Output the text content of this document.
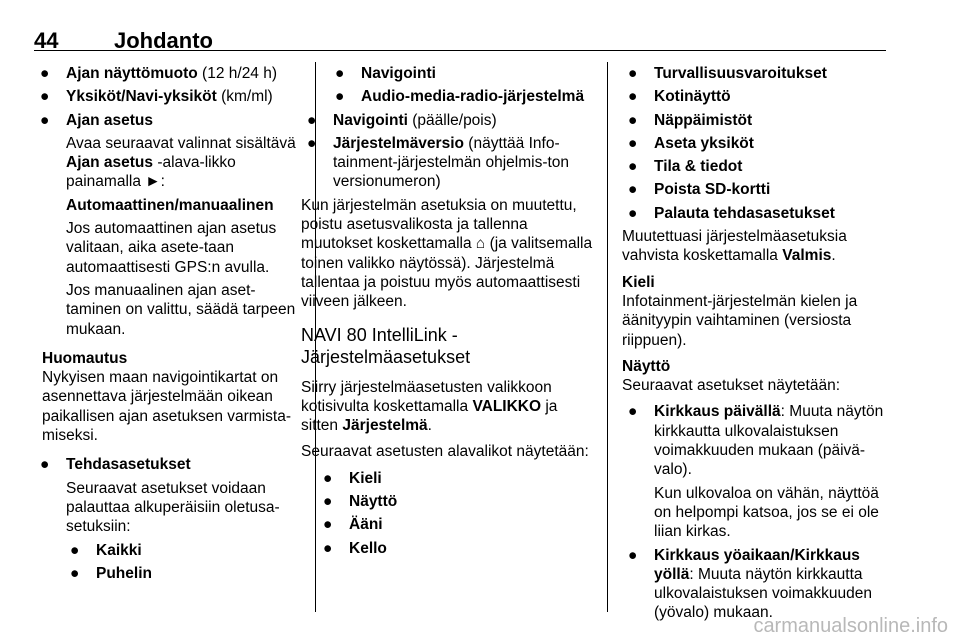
44	Johdanto
● Ajan näyttömuoto (12 h/24 h)
● Yksiköt/Navi-yksiköt (km/ml)
● Ajan asetus
Avaa seuraavat valinnat sisältävä Ajan asetus -alava-likko painamalla ►:
Automaattinen/manuaalinen
Jos automaattinen ajan asetus valitaan, aika asete-taan automaattisesti GPS:n avulla.
Jos manuaalinen ajan aset-taminen on valittu, säädä tarpeen mukaan.
Huomautus
Nykyisen maan navigointikartat on asennettava järjestelmään oikean paikallisen ajan asetuksen varmista-miseksi.
● Tehdasasetukset
Seuraavat asetukset voidaan palauttaa alkuperäisiin oletusa-setuksiin:
● Kaikki
● Puhelin
● Navigointi
● Audio-media-radio-järjestelmä
● Navigointi (päälle/pois)
● Järjestelmäversio (näyttää Info-tainment-järjestelmän ohjelmis-ton versionumeron)
Kun järjestelmän asetuksia on muutettu, poistu asetusvalikosta ja tallenna muutokset koskettamalla ⌂ (ja valitsemalla toinen valikko näytössä). Järjestelmä tallentaa ja poistuu myös automaattisesti viiveen jälkeen.
NAVI 80 IntelliLink - Järjestelmäasetukset
Siirry järjestelmäasetusten valikkoon kotisivulta koskettamalla VALIKKO ja sitten Järjestelmä.
Seuraavat asetusten alavalikot näytetään:
● Kieli
● Näyttö
● Ääni
● Kello
● Turvallisuusvaroitukset
● Kotinäyttö
● Näppäimistöt
● Aseta yksiköt
● Tila & tiedot
● Poista SD-kortti
● Palauta tehdasasetukset
Muutettuasi järjestelmäasetuksia vahvista koskettamalla Valmis.
Kieli
Infotainment-järjestelmän kielen ja äänityypin vaihtaminen (versiosta riippuen).
Näyttö
Seuraavat asetukset näytetään:
● Kirkkaus päivällä: Muuta näytön kirkkautta ulkovalaistuksen voimakkuuden mukaan (päivä-valo).
Kun ulkovaloa on vähän, näyttöä on helpompi katsoa, jos se ei ole liian kirkas.
● Kirkkaus yöaikaan/Kirkkaus yöllä: Muuta näytön kirkkautta ulkovalaistuksen voimakkuuden (yövalo) mukaan.
carmanualsonline.info
